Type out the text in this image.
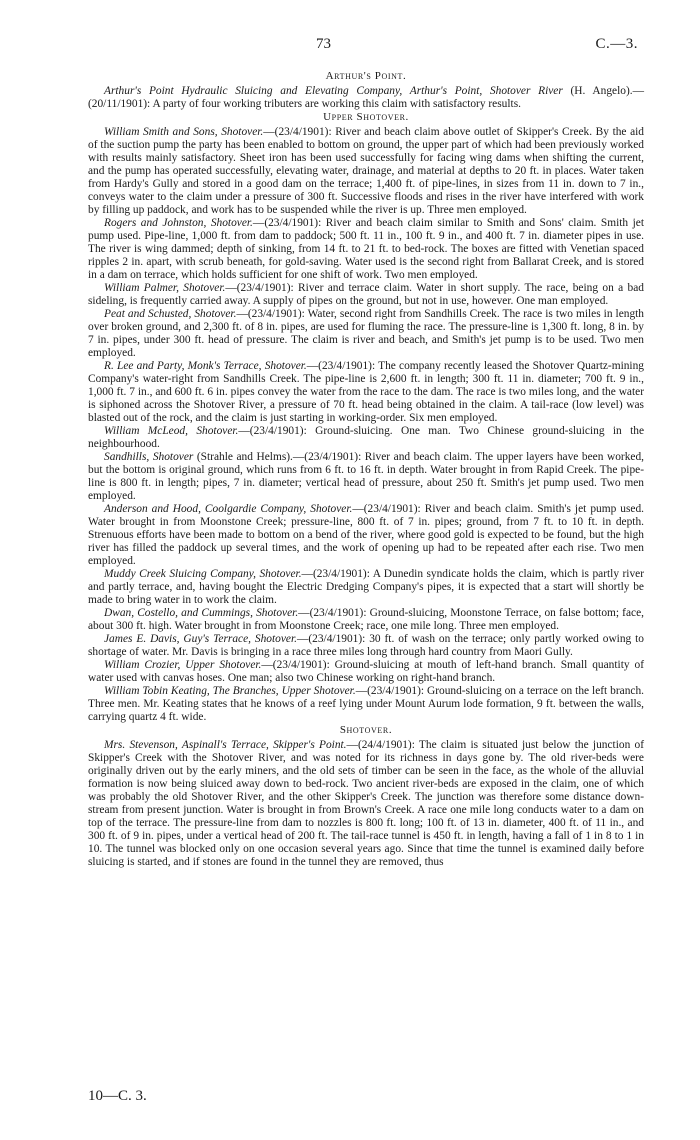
73	C.—3.
Arthur's Point.

Arthur's Point Hydraulic Sluicing and Elevating Company, Arthur's Point, Shotover River (H. Angelo).—(20/11/1901): A party of four working tributers are working this claim with satisfactory results.

Upper Shotover.

William Smith and Sons, Shotover.—(23/4/1901): River and beach claim above outlet of Skipper's Creek. By the aid of the suction pump the party has been enabled to bottom on ground, the upper part of which had been previously worked with results mainly satisfactory. Sheet iron has been used successfully for facing wing dams when shifting the current, and the pump has operated successfully, elevating water, drainage, and material at depths to 20 ft. in places. Water taken from Hardy's Gully and stored in a good dam on the terrace; 1,400 ft. of pipe-lines, in sizes from 11 in. down to 7 in., conveys water to the claim under a pressure of 300 ft. Successive floods and rises in the river have interfered with work by filling up paddock, and work has to be suspended while the river is up. Three men employed.

Rogers and Johnston, Shotover.—(23/4/1901): River and beach claim similar to Smith and Sons' claim. Smith jet pump used. Pipe-line, 1,000 ft. from dam to paddock; 500 ft. 11 in., 100 ft. 9 in., and 400 ft. 7 in. diameter pipes in use. The river is wing dammed; depth of sinking, from 14 ft. to 21 ft. to bed-rock. The boxes are fitted with Venetian spaced ripples 2 in. apart, with scrub beneath, for gold-saving. Water used is the second right from Ballarat Creek, and is stored in a dam on terrace, which holds sufficient for one shift of work. Two men employed.

William Palmer, Shotover.—(23/4/1901): River and terrace claim. Water in short supply. The race, being on a bad sideling, is frequently carried away. A supply of pipes on the ground, but not in use, however. One man employed.

Peat and Schusted, Shotover.—(23/4/1901): Water, second right from Sandhills Creek. The race is two miles in length over broken ground, and 2,300 ft. of 8 in. pipes, are used for fluming the race. The pressure-line is 1,300 ft. long, 8 in. by 7 in. pipes, under 300 ft. head of pressure. The claim is river and beach, and Smith's jet pump is to be used. Two men employed.

R. Lee and Party, Monk's Terrace, Shotover.—(23/4/1901): The company recently leased the Shotover Quartz-mining Company's water-right from Sandhills Creek. The pipe-line is 2,600 ft. in length; 300 ft. 11 in. diameter; 700 ft. 9 in., 1,000 ft. 7 in., and 600 ft. 6 in. pipes convey the water from the race to the dam. The race is two miles long, and the water is siphoned across the Shotover River, a pressure of 70 ft. head being obtained in the claim. A tail-race (low level) was blasted out of the rock, and the claim is just starting in working-order. Six men employed.

William McLeod, Shotover.—(23/4/1901): Ground-sluicing. One man. Two Chinese ground-sluicing in the neighbourhood.

Sandhills, Shotover (Strahle and Helms).—(23/4/1901): River and beach claim. The upper layers have been worked, but the bottom is original ground, which runs from 6 ft. to 16 ft. in depth. Water brought in from Rapid Creek. The pipe-line is 800 ft. in length; pipes, 7 in. diameter; vertical head of pressure, about 250 ft. Smith's jet pump used. Two men employed.

Anderson and Hood, Coolgardie Company, Shotover.—(23/4/1901): River and beach claim. Smith's jet pump used. Water brought in from Moonstone Creek; pressure-line, 800 ft. of 7 in. pipes; ground, from 7 ft. to 10 ft. in depth. Strenuous efforts have been made to bottom on a bend of the river, where good gold is expected to be found, but the high river has filled the paddock up several times, and the work of opening up had to be repeated after each rise. Two men employed.

Muddy Creek Sluicing Company, Shotover.—(23/4/1901): A Dunedin syndicate holds the claim, which is partly river and partly terrace, and, having bought the Electric Dredging Company's pipes, it is expected that a start will shortly be made to bring water in to work the claim.

Dwan, Costello, and Cummings, Shotover.—(23/4/1901): Ground-sluicing, Moonstone Terrace, on false bottom; face, about 300 ft. high. Water brought in from Moonstone Creek; race, one mile long. Three men employed.

James E. Davis, Guy's Terrace, Shotover.—(23/4/1901): 30 ft. of wash on the terrace; only partly worked owing to shortage of water. Mr. Davis is bringing in a race three miles long through hard country from Maori Gully.

William Crozier, Upper Shotover.—(23/4/1901): Ground-sluicing at mouth of left-hand branch. Small quantity of water used with canvas hoses. One man; also two Chinese working on right-hand branch.

William Tobin Keating, The Branches, Upper Shotover.—(23/4/1901): Ground-sluicing on a terrace on the left branch. Three men. Mr. Keating states that he knows of a reef lying under Mount Aurum lode formation, 9 ft. between the walls, carrying quartz 4 ft. wide.

Shotover.

Mrs. Stevenson, Aspinall's Terrace, Skipper's Point.—(24/4/1901): The claim is situated just below the junction of Skipper's Creek with the Shotover River, and was noted for its richness in days gone by. The old river-beds were originally driven out by the early miners, and the old sets of timber can be seen in the face, as the whole of the alluvial formation is now being sluiced away down to bed-rock. Two ancient river-beds are exposed in the claim, one of which was probably the old Shotover River, and the other Skipper's Creek. The junction was therefore some distance down-stream from present junction. Water is brought in from Brown's Creek. A race one mile long conducts water to a dam on top of the terrace. The pressure-line from dam to nozzles is 800 ft. long; 100 ft. of 13 in. diameter, 400 ft. of 11 in., and 300 ft. of 9 in. pipes, under a vertical head of 200 ft. The tail-race tunnel is 450 ft. in length, having a fall of 1 in 8 to 1 in 10. The tunnel was blocked only on one occasion several years ago. Since that time the tunnel is examined daily before sluicing is started, and if stones are found in the tunnel they are removed, thus

10—C. 3.
